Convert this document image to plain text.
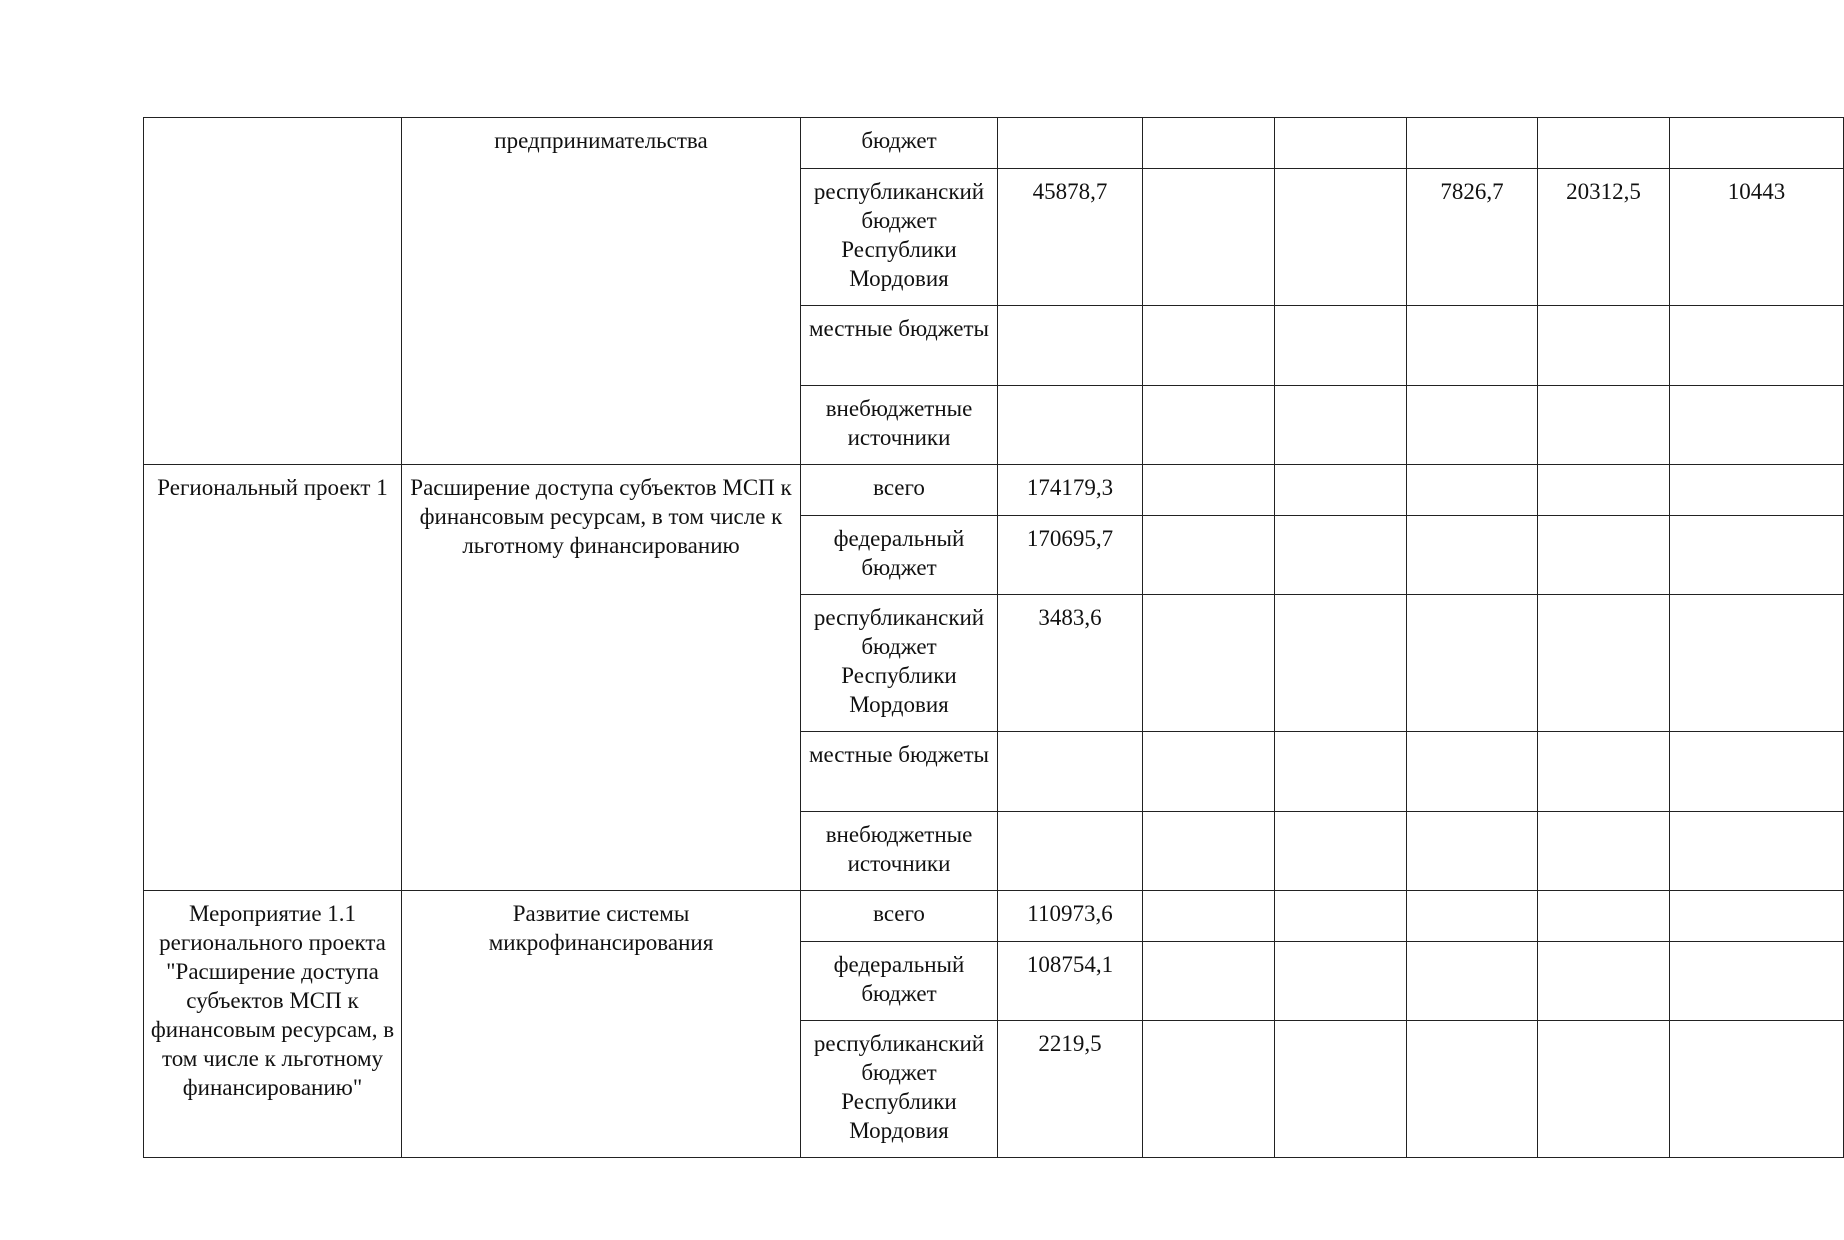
	предпринимательства	бюджет						
		республиканский бюджет Республики Мордовия	45878,7			7826,7	20312,5	10443
		местные бюджеты						
		внебюджетные источники						
Региональный проект 1	Расширение доступа субъектов МСП к финансовым ресурсам, в том числе к льготному финансированию	всего	174179,3					
		федеральный бюджет	170695,7					
		республиканский бюджет Республики Мордовия	3483,6					
		местные бюджеты						
		внебюджетные источники						
Мероприятие 1.1 регионального проекта "Расширение доступа субъектов МСП к финансовым ресурсам, в том числе к льготному финансированию"	Развитие системы микрофинансирования	всего	110973,6					
		федеральный бюджет	108754,1					
		республиканский бюджет Республики Мордовия	2219,5					
